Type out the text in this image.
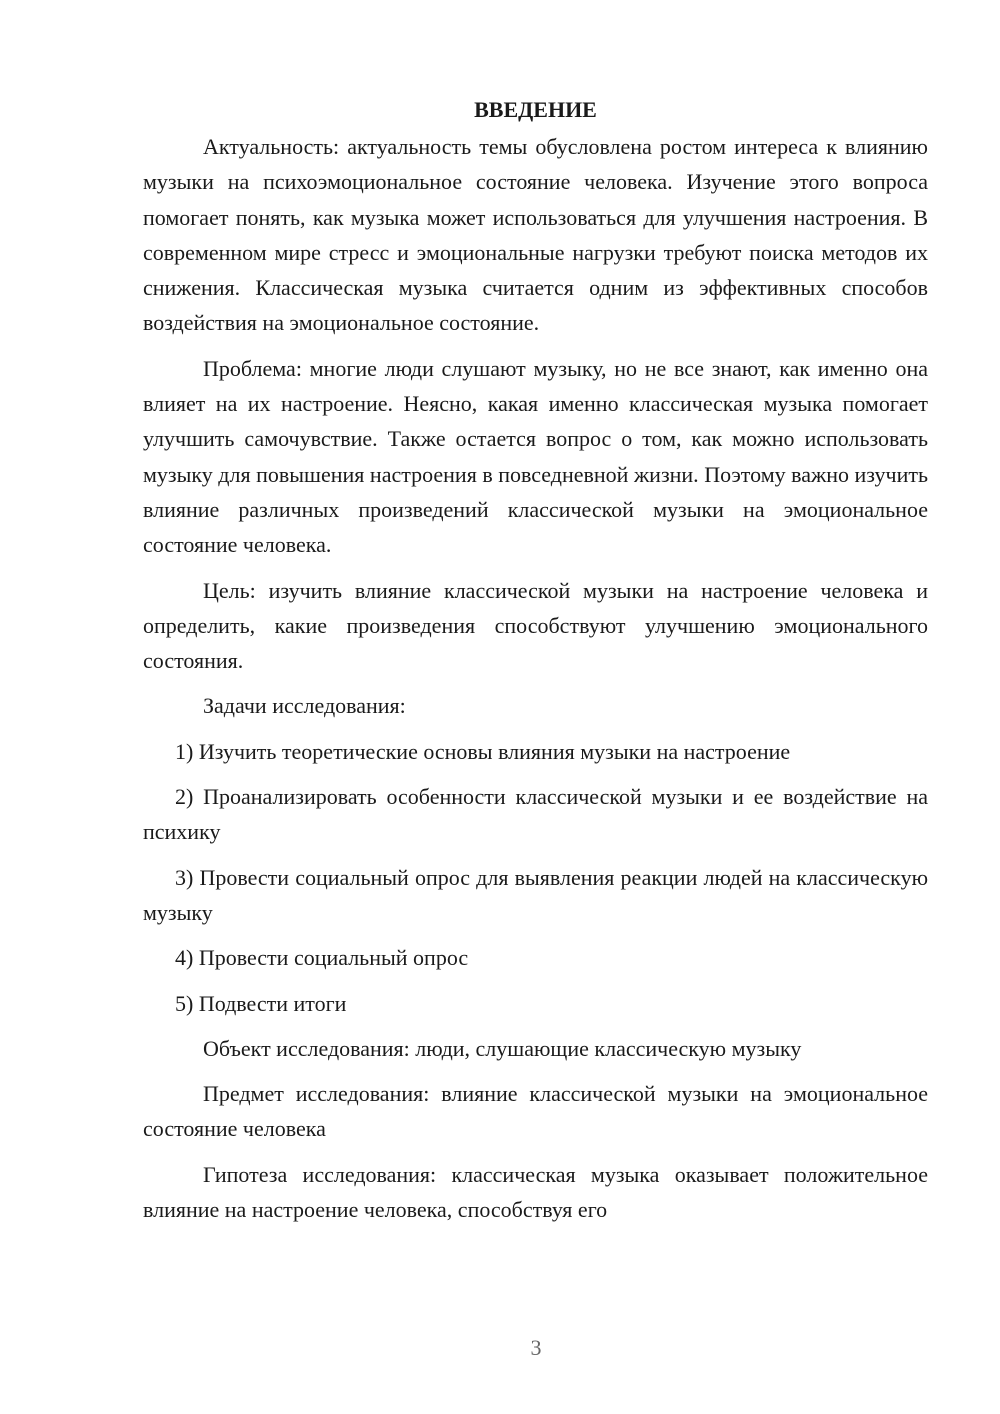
ВВЕДЕНИЕ

Актуальность: актуальность темы обусловлена ростом интереса к влиянию музыки на психоэмоциональное состояние человека. Изучение этого вопроса помогает понять, как музыка может использоваться для улучшения настроения. В современном мире стресс и эмоциональные нагрузки требуют поиска методов их снижения. Классическая музыка считается одним из эффективных способов воздействия на эмоциональное состояние.

Проблема: многие люди слушают музыку, но не все знают, как именно она влияет на их настроение. Неясно, какая именно классическая музыка помогает улучшить самочувствие. Также остается вопрос о том, как можно использовать музыку для повышения настроения в повседневной жизни. Поэтому важно изучить влияние различных произведений классической музыки на эмоциональное состояние человека.

Цель: изучить влияние классической музыки на настроение человека и определить, какие произведения способствуют улучшению эмоционального состояния.

Задачи исследования:

1) Изучить теоретические основы влияния музыки на настроение

2) Проанализировать особенности классической музыки и ее воздействие на психику

3) Провести социальный опрос для выявления реакции людей на классическую музыку

4) Провести социальный опрос

5) Подвести итоги

Объект исследования: люди, слушающие классическую музыку

Предмет исследования: влияние классической музыки на эмоциональное состояние человека

Гипотеза исследования: классическая музыка оказывает положительное влияние на настроение человека, способствуя его

3
